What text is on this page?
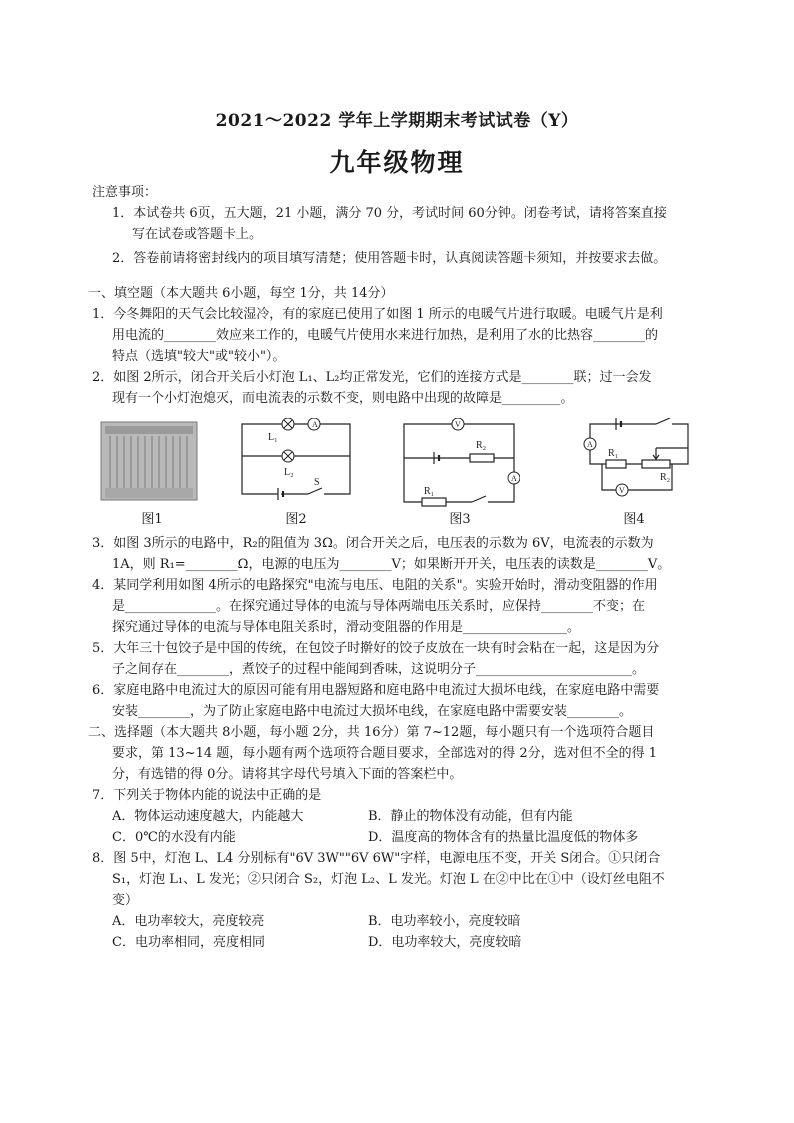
2021～2022 学年上学期期末考试试卷（Y）
九年级物理
注意事项：
1．本试卷共 6页，五大题，21 小题，满分 70 分，考试时间 60分钟。闭卷考试，请将答案直接
写在试卷或答题卡上。
2．答卷前请将密封线内的项目填写清楚；使用答题卡时，认真阅读答题卡须知，并按要求去做。
一、填空题（本大题共 6小题，每空 1分，共 14分）
1．今冬舞阳的天气会比较湿冷，有的家庭已使用了如图 1 所示的电暖气片进行取暖。电暖气片是利
用电流的________效应来工作的，电暖气片使用水来进行加热，是利用了水的比热容________的
特点（选填"较大"或"较小"）。
2．如图 2所示，闭合开关后小灯泡 L₁、L₂均正常发光，它们的连接方式是________联；过一会发
现有一个小灯泡熄灭，而电流表的示数不变，则电路中出现的故障是_________。
图1
A
L₁
L₂
S
图2
V
A
R₂
R₁
图3
A
V
R₁
R₂
图4
3．如图 3所示的电路中，R₂的阻值为 3Ω。闭合开关之后，电压表的示数为 6V，电流表的示数为
1A，则 R₁=________Ω，电源的电压为________V；如果断开开关，电压表的读数是________V。
4．某同学利用如图 4所示的电路探究"电流与电压、电阻的关系"。实验开始时，滑动变阻器的作用
是______________。在探究通过导体的电流与导体两端电压关系时，应保持________不变；在
探究通过导体的电流与导体电阻关系时，滑动变阻器的作用是________________。
5．大年三十包饺子是中国的传统，在包饺子时擀好的饺子皮放在一块有时会粘在一起，这是因为分
子之间存在________，煮饺子的过程中能闻到香味，这说明分子________________________。
6．家庭电路中电流过大的原因可能有用电器短路和庭电路中电流过大损坏电线，在家庭电路中需要
安装________，为了防止家庭电路中电流过大损坏电线，在家庭电路中需要安装________。
二、选择题（本大题共 8小题，每小题 2分，共 16分）第 7~12题，每小题只有一个选项符合题目
要求，第 13~14 题，每小题有两个选项符合题目要求，全部选对的得 2分，选对但不全的得 1
分，有选错的得 0分。请将其字母代号填入下面的答案栏中。
7．下列关于物体内能的说法中正确的是
A．物体运动速度越大，内能越大	B．静止的物体没有动能，但有内能
C．0℃的水没有内能	D．温度高的物体含有的热量比温度低的物体多
8．图 5中，灯泡 L、L4 分别标有"6V 3W""6V 6W"字样，电源电压不变，开关 S闭合。①只闭合
S₁，灯泡 L₁、L 发光；②只闭合 S₂，灯泡 L₂、L 发光。灯泡 L 在②中比在①中（设灯丝电阻不
变）
A．电功率较大，亮度较亮	B．电功率较小，亮度较暗
C．电功率相同，亮度相同	D．电功率较大，亮度较暗
